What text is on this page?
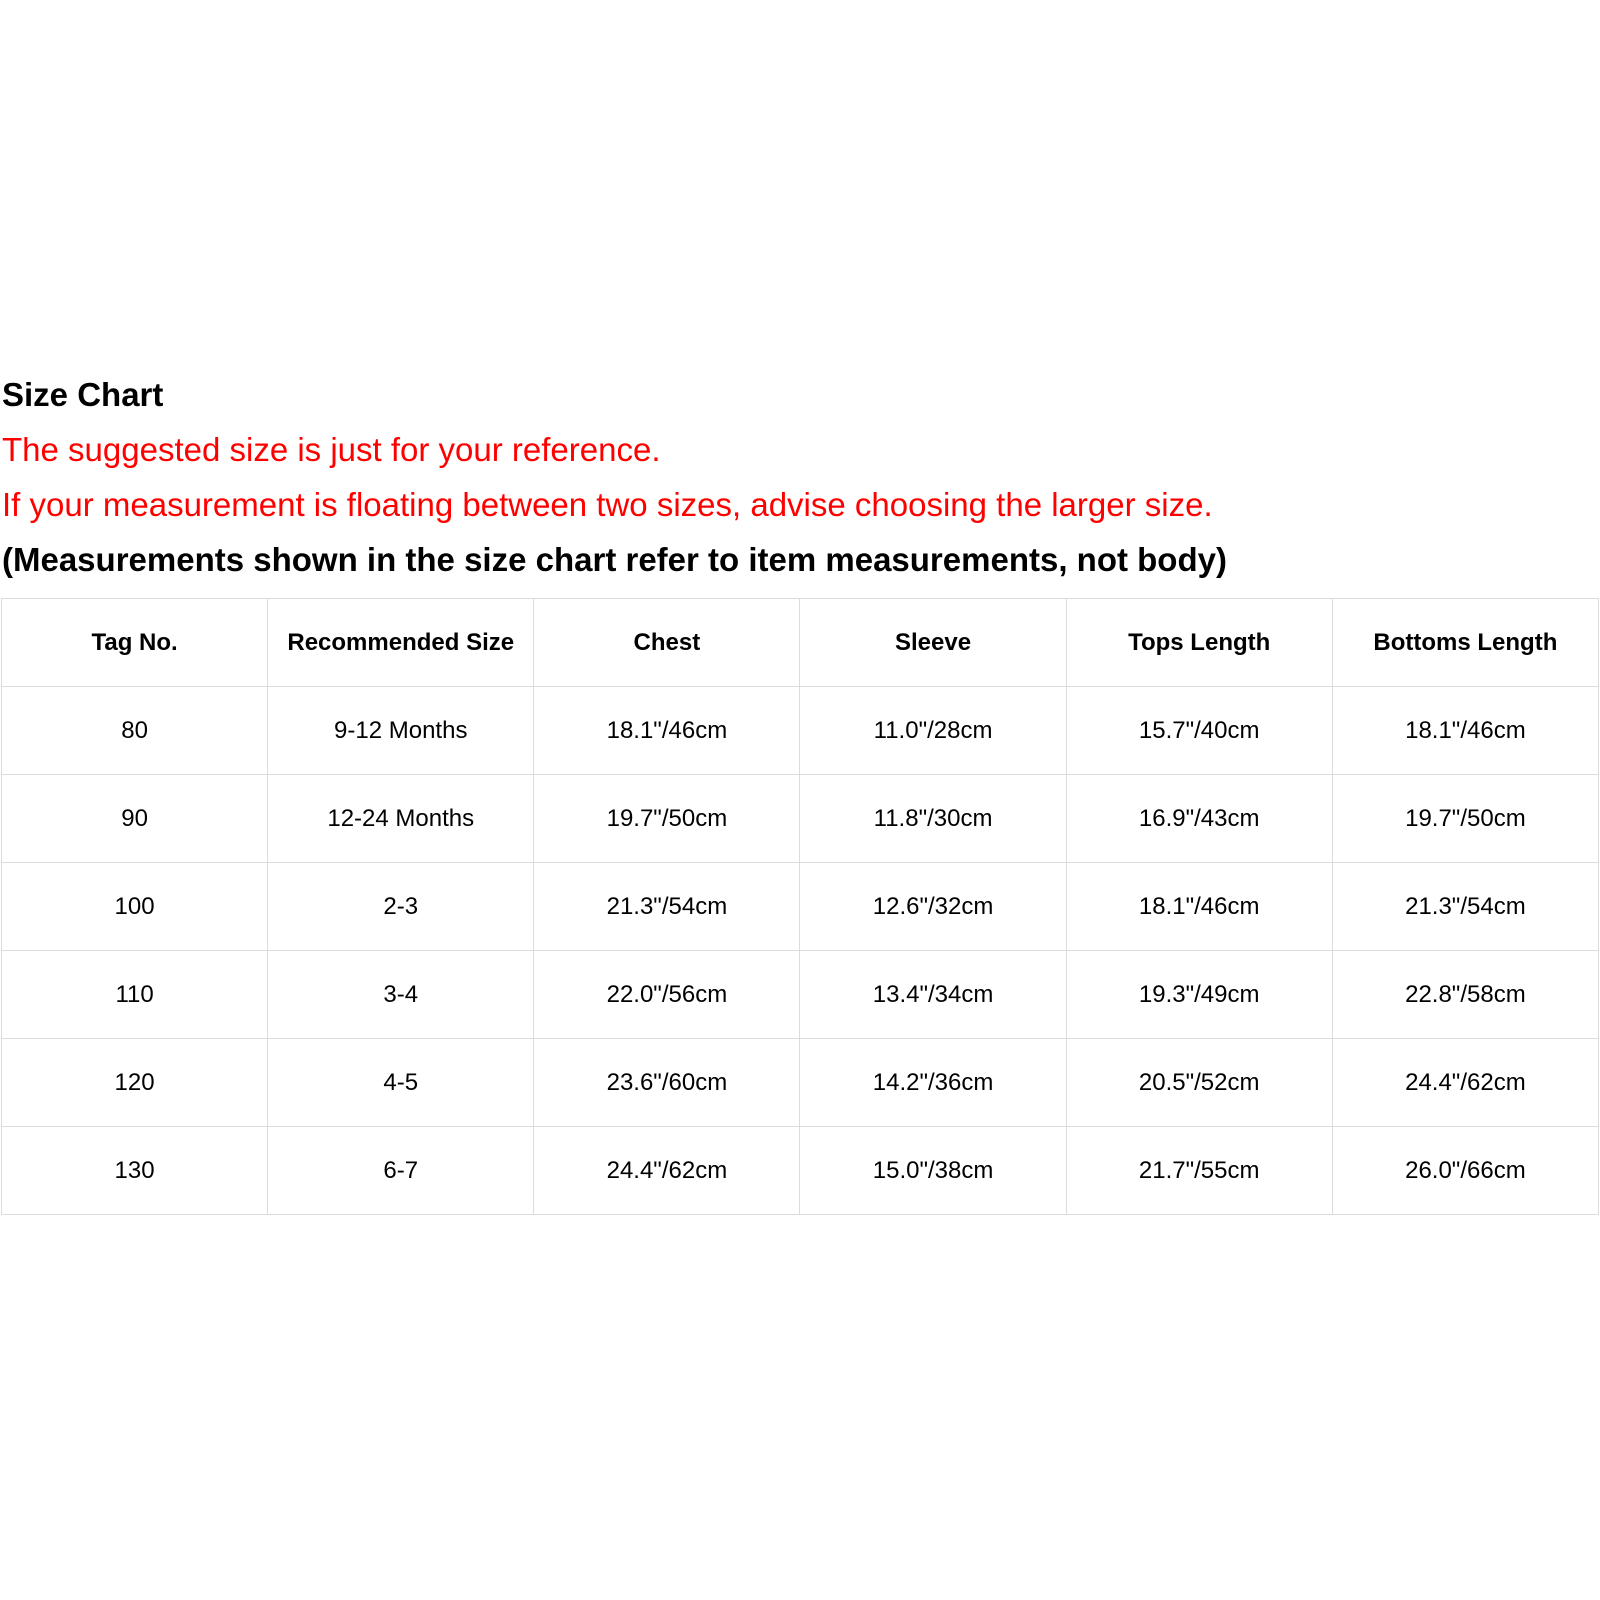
Size Chart
The suggested size is just for your reference.
If your measurement is floating between two sizes, advise choosing the larger size.
(Measurements shown in the size chart refer to item measurements, not body)
Tag No.	Recommended Size	Chest	Sleeve	Tops Length	Bottoms Length
80	9-12 Months	18.1"/46cm	11.0"/28cm	15.7"/40cm	18.1"/46cm
90	12-24 Months	19.7"/50cm	11.8"/30cm	16.9"/43cm	19.7"/50cm
100	2-3	21.3"/54cm	12.6"/32cm	18.1"/46cm	21.3"/54cm
110	3-4	22.0"/56cm	13.4"/34cm	19.3"/49cm	22.8"/58cm
120	4-5	23.6"/60cm	14.2"/36cm	20.5"/52cm	24.4"/62cm
130	6-7	24.4"/62cm	15.0"/38cm	21.7"/55cm	26.0"/66cm
